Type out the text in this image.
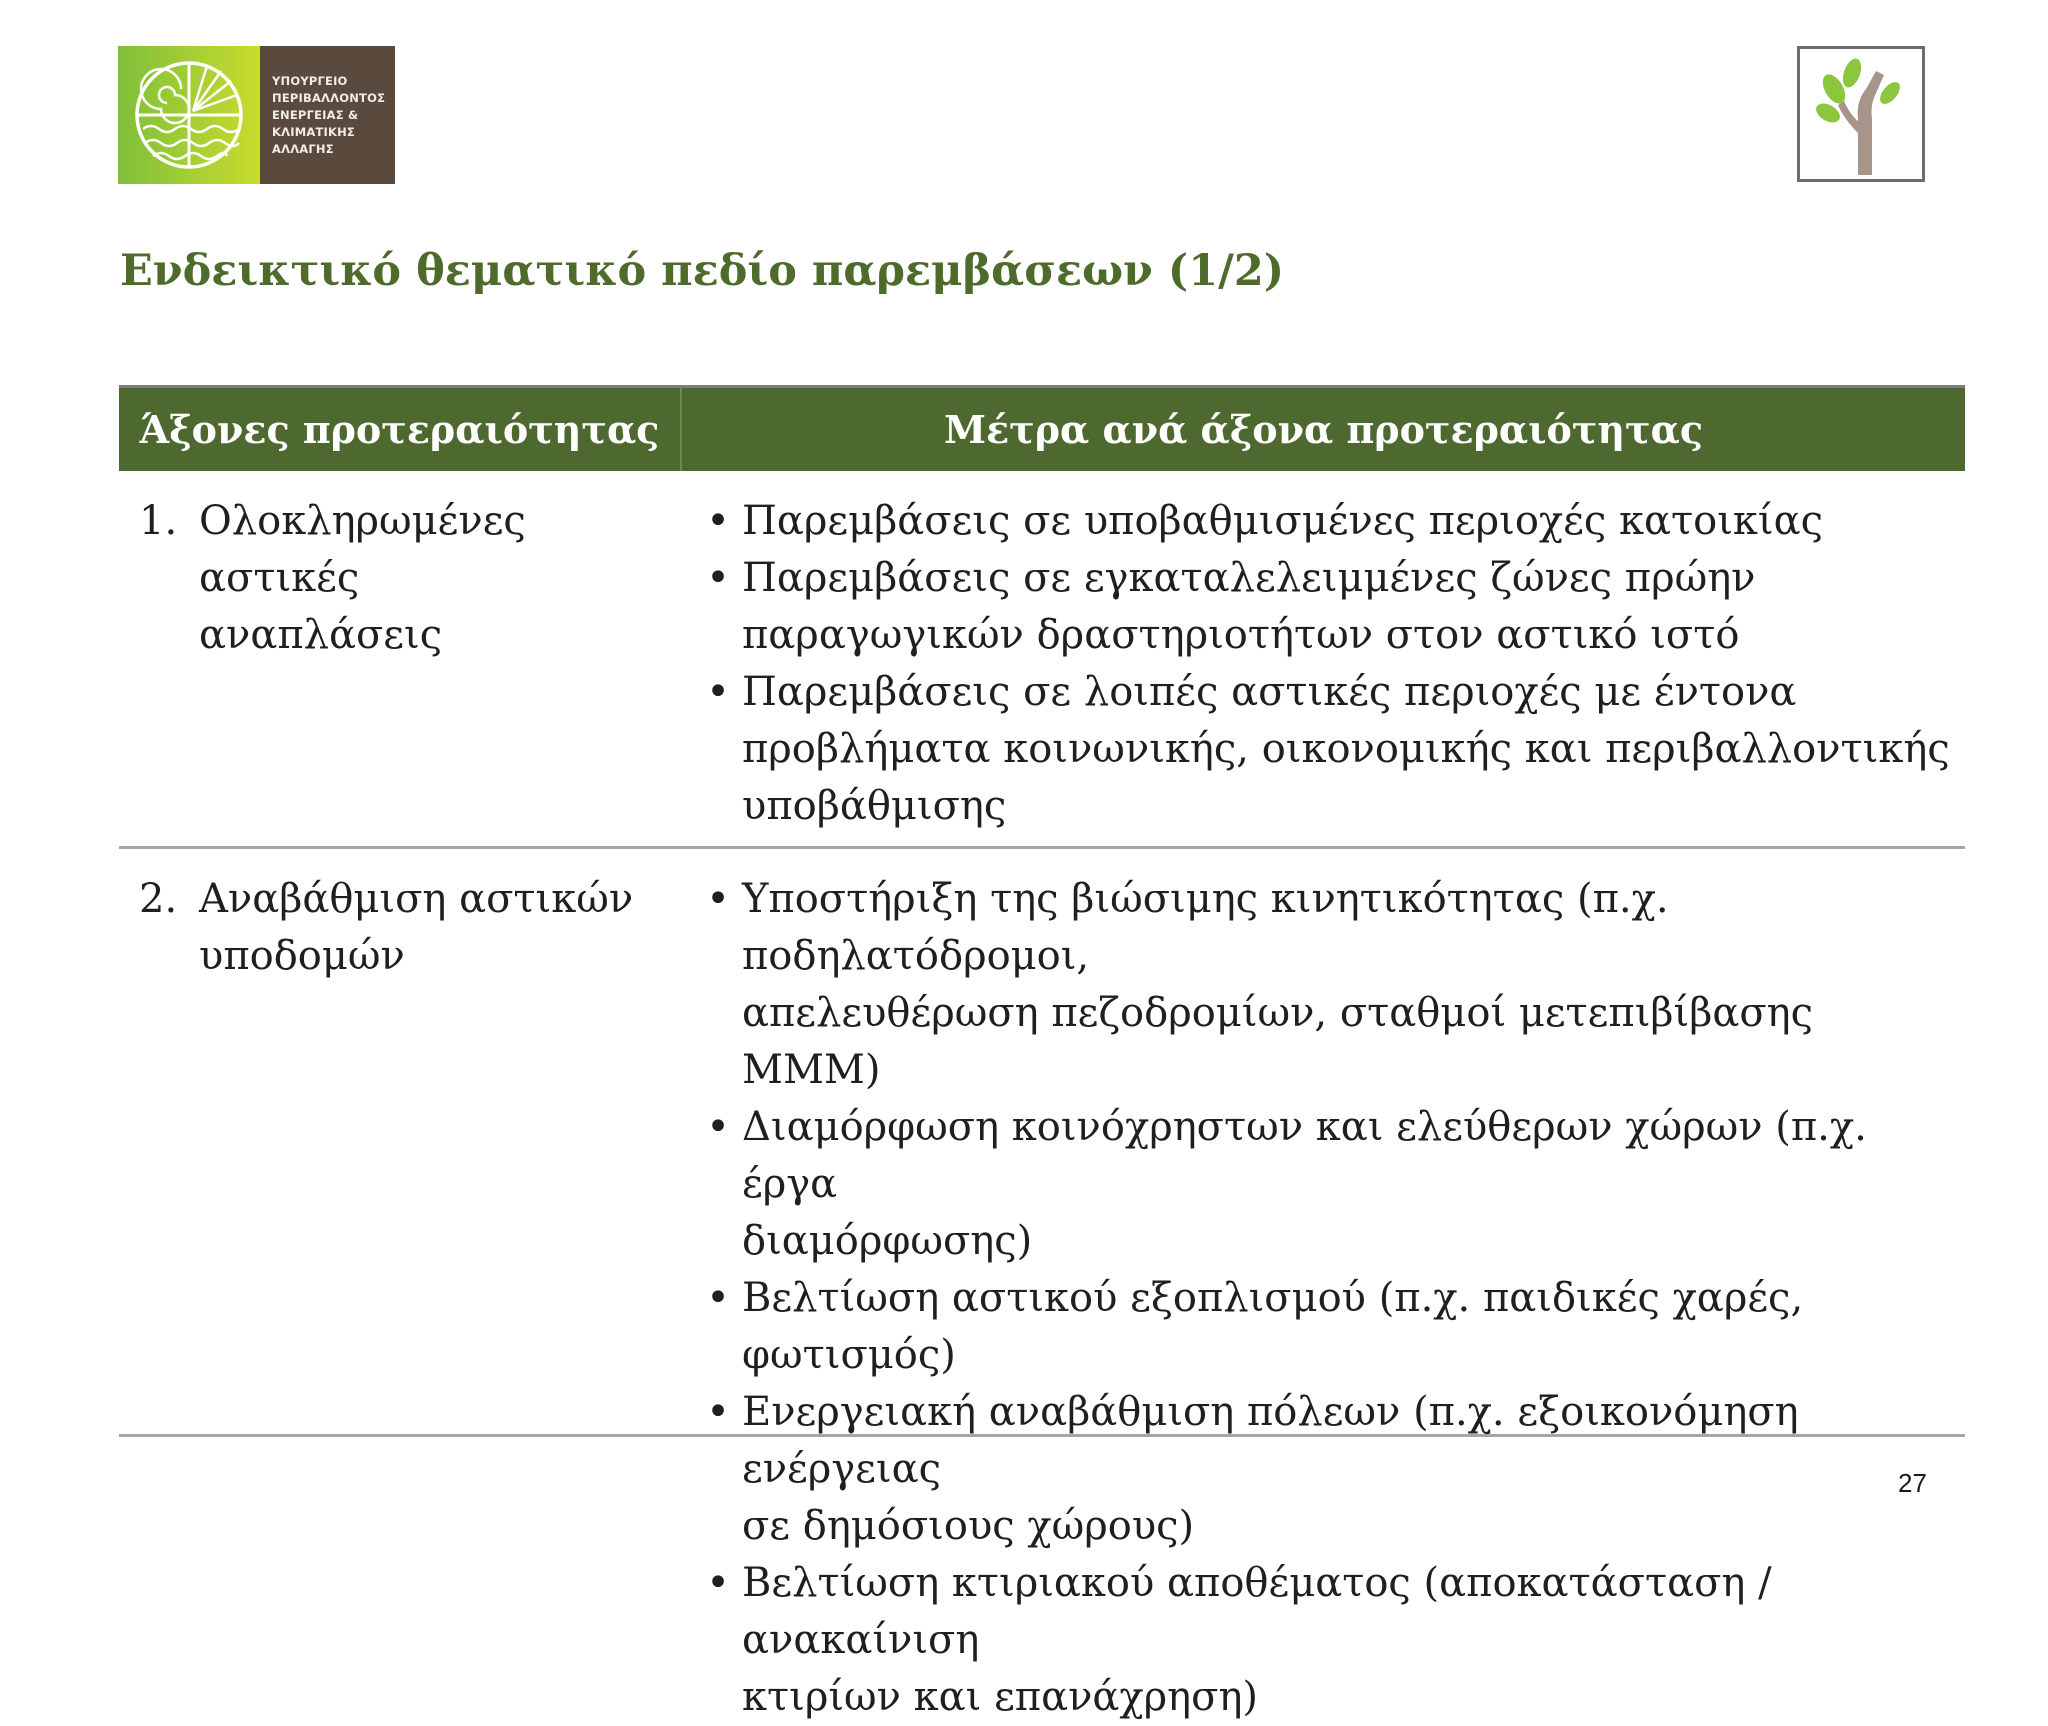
ΥΠΟΥΡΓΕΙΟ
ΠΕΡΙΒΑΛΛΟΝΤΟΣ
ΕΝΕΡΓΕΙΑΣ &
ΚΛΙΜΑΤΙΚΗΣ
ΑΛΛΑΓΗΣ
Ενδεικτικό θεματικό πεδίο παρεμβάσεων (1/2)
Άξονες προτεραιότητας	Μέτρα ανά άξονα προτεραιότητας
1. Ολοκληρωμένες αστικές
αναπλάσεις
• Παρεμβάσεις σε υποβαθμισμένες περιοχές κατοικίας
• Παρεμβάσεις σε εγκαταλελειμμένες ζώνες πρώην
παραγωγικών δραστηριοτήτων στον αστικό ιστό
• Παρεμβάσεις σε λοιπές αστικές περιοχές με έντονα
προβλήματα κοινωνικής, οικονομικής και περιβαλλοντικής
υποβάθμισης
2. Αναβάθμιση αστικών
υποδομών
• Υποστήριξη της βιώσιμης κινητικότητας (π.χ. ποδηλατόδρομοι,
απελευθέρωση πεζοδρομίων, σταθμοί μετεπιβίβασης ΜΜΜ)
• Διαμόρφωση κοινόχρηστων και ελεύθερων χώρων (π.χ. έργα
διαμόρφωσης)
• Βελτίωση αστικού εξοπλισμού (π.χ. παιδικές χαρές, φωτισμός)
• Ενεργειακή αναβάθμιση πόλεων (π.χ. εξοικονόμηση ενέργειας
σε δημόσιους χώρους)
• Βελτίωση κτιριακού αποθέματος (αποκατάσταση / ανακαίνιση
κτιρίων και επανάχρηση)
27
